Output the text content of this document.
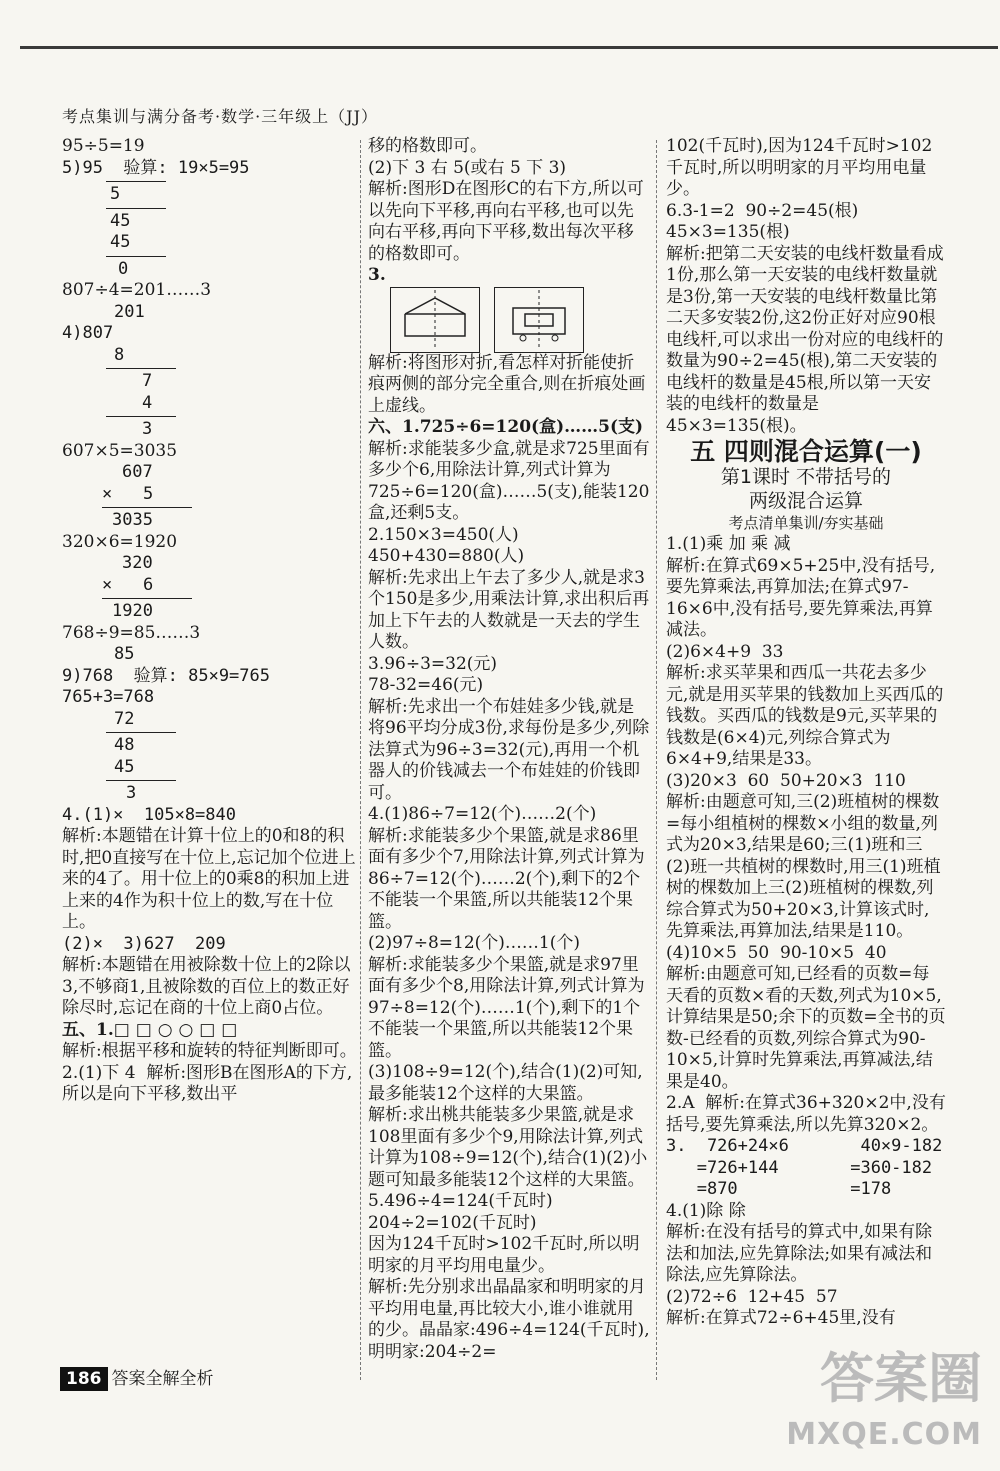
考点集训与满分备考·数学·三年级上（JJ）

95÷5=19

5)95  验算: 19×5=95

5

45

45

0

807÷4=201……3

201

4)807

8

7

4

3

607×5=3035

607

×   5

3035

320×6=1920

320

×   6

1920

768÷9=85……3

85

9)768  验算: 85×9=765  765+3=768

72

48

45

3

4.(1)×  105×8=840

解析:本题错在计算十位上的0和8的积时,把0直接写在十位上,忘记加个位进上来的4了。用十位上的0乘8的积加上进上来的4作为积十位上的数,写在十位上。

(2)×  3)627  209

解析:本题错在用被除数十位上的2除以3,不够商1,且被除数的百位上的数正好除尽时,忘记在商的十位上商0占位。

五、1.□ □ ○ ○ □ □

解析:根据平移和旋转的特征判断即可。

2.(1)下 4  解析:图形B在图形A的下方,所以是向下平移,数出平

移的格数即可。

(2)下 3 右 5(或右 5 下 3)

解析:图形D在图形C的右下方,所以可以先向下平移,再向右平移,也可以先向右平移,再向下平移,数出每次平移的格数即可。

3.

解析:将图形对折,看怎样对折能使折痕两侧的部分完全重合,则在折痕处画上虚线。

六、1.725÷6=120(盒)……5(支)

解析:求能装多少盒,就是求725里面有多少个6,用除法计算,列式计算为725÷6=120(盒)……5(支),能装120盒,还剩5支。

2.150×3=450(人)

450+430=880(人)

解析:先求出上午去了多少人,就是求3个150是多少,用乘法计算,求出积后再加上下午去的人数就是一天去的学生人数。

3.96÷3=32(元)

78-32=46(元)

解析:先求出一个布娃娃多少钱,就是将96平均分成3份,求每份是多少,列除法算式为96÷3=32(元),再用一个机器人的价钱减去一个布娃娃的价钱即可。

4.(1)86÷7=12(个)……2(个)

解析:求能装多少个果篮,就是求86里面有多少个7,用除法计算,列式计算为86÷7=12(个)……2(个),剩下的2个不能装一个果篮,所以共能装12个果篮。

(2)97÷8=12(个)……1(个)

解析:求能装多少个果篮,就是求97里面有多少个8,用除法计算,列式计算为97÷8=12(个)……1(个),剩下的1个不能装一个果篮,所以共能装12个果篮。

(3)108÷9=12(个),结合(1)(2)可知,最多能装12个这样的大果篮。

解析:求出桃共能装多少果篮,就是求108里面有多少个9,用除法计算,列式计算为108÷9=12(个),结合(1)(2)小题可知最多能装12个这样的大果篮。

5.496÷4=124(千瓦时)

204÷2=102(千瓦时)

因为124千瓦时>102千瓦时,所以明明家的月平均用电量少。

解析:先分别求出晶晶家和明明家的月平均用电量,再比较大小,谁小谁就用的少。晶晶家:496÷4=124(千瓦时),明明家:204÷2=

102(千瓦时),因为124千瓦时>102千瓦时,所以明明家的月平均用电量少。

6.3-1=2  90÷2=45(根)

45×3=135(根)

解析:把第二天安装的电线杆数量看成1份,那么第一天安装的电线杆数量就是3份,第一天安装的电线杆数量比第二天多安装2份,这2份正好对应90根电线杆,可以求出一份对应的电线杆的数量为90÷2=45(根),第二天安装的电线杆的数量是45根,所以第一天安装的电线杆的数量是45×3=135(根)。

五 四则混合运算(一)
第1课时 不带括号的
两级混合运算
考点清单集训/夯实基础

1.(1)乘 加 乘 减

解析:在算式69×5+25中,没有括号,要先算乘法,再算加法;在算式97-16×6中,没有括号,要先算乘法,再算减法。

(2)6×4+9  33

解析:求买苹果和西瓜一共花去多少元,就是用买苹果的钱数加上买西瓜的钱数。买西瓜的钱数是9元,买苹果的钱数是(6×4)元,列综合算式为6×4+9,结果是33。

(3)20×3  60  50+20×3  110

解析:由题意可知,三(2)班植树的棵数=每小组植树的棵数×小组的数量,列式为20×3,结果是60;三(1)班和三(2)班一共植树的棵数时,用三(1)班植树的棵数加上三(2)班植树的棵数,列综合算式为50+20×3,计算该式时,先算乘法,再算加法,结果是110。

(4)10×5  50  90-10×5  40

解析:由题意可知,已经看的页数=每天看的页数×看的天数,列式为10×5,计算结果是50;余下的页数=全书的页数-已经看的页数,列综合算式为90-10×5,计算时先算乘法,再算减法,结果是40。

2.A  解析:在算式36+320×2中,没有括号,要先算乘法,所以先算320×2。

3.  726+24×6       40×9-182

=726+144       =360-182

=870           =178

4.(1)除 除

解析:在没有括号的算式中,如果有除法和加法,应先算除法;如果有减法和除法,应先算除法。

(2)72÷6  12+45  57

解析:在算式72÷6+45里,没有

186 答案全解全析	答案圈
MXQE.COM
